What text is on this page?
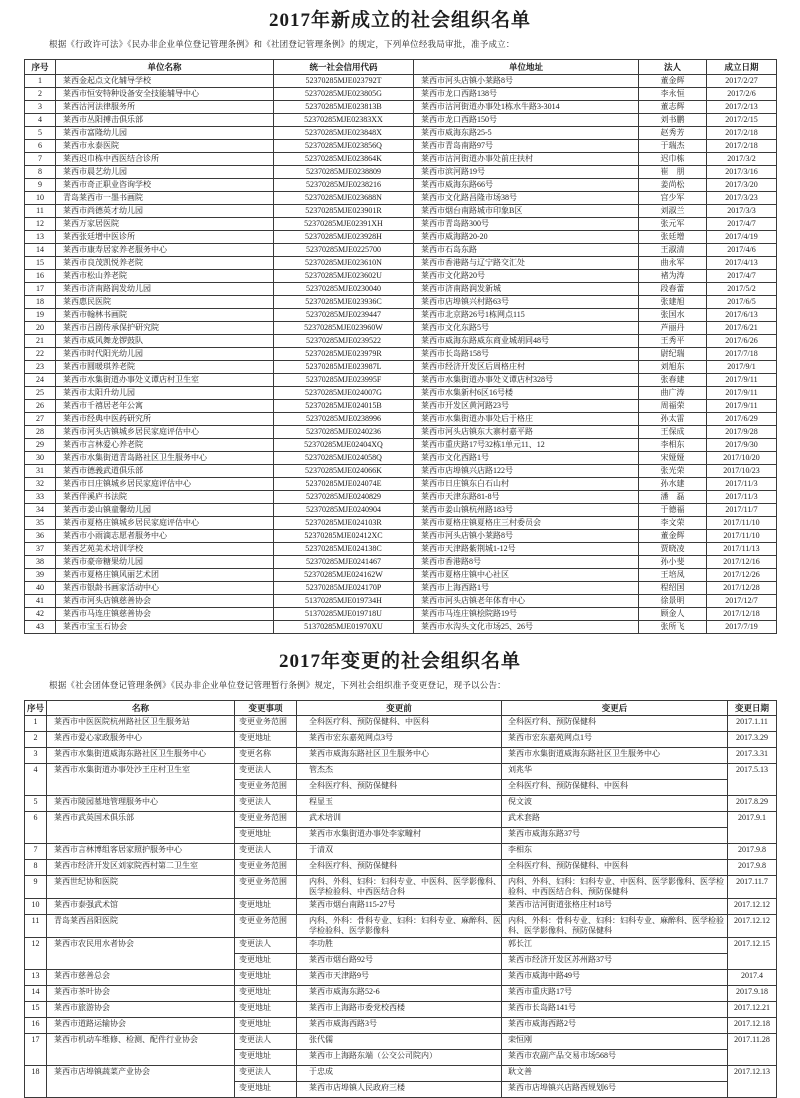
2017年新成立的社会组织名单

根据《行政许可法》《民办非企业单位登记管理条例》和《社团登记管理条例》的规定，下列单位经我局审批，准予成立：

序号	单位名称	统一社会信用代码	单位地址	法人	成立日期
1	莱西金起点文化辅导学校	52370285MJE023792T	莱西市河头店镇小莱路8号	董金辉	2017/2/27
2	莱西市恒安特种设备安全技能辅导中心	52370285MJE023805G	莱西市龙口西路138号	李永恒	2017/2/6
3	莱西沽河法律服务所	52370285MJE023813B	莱西市沽河街道办事处1栋水牛路3-3014	董志辉	2017/2/13
4	莱西市丛阳搏击俱乐部	52370285MJE02383XX	莱西市龙口西路150号	刘书鹏	2017/2/15
5	莱西市富隆幼儿园	52370285MJE023848X	莱西市威海东路25-5	赵秀芳	2017/2/18
6	莱西市永泰医院	52370285MJE023856Q	莱西市青岛南路97号	于瑞杰	2017/2/18
7	莱西迟巾栋中西医结合诊所	52370285MJE023864K	莱西市沽河街道办事处前庄扶村	迟巾栋	2017/3/2
8	莱西市晨艺幼儿园	52370285MJE0238809	莱西市滨河路19号	崔　朋	2017/3/16
9	莱西市奇正职业咨询学校	52370285MJE0238216	莱西市威海东路66号	姜尚松	2017/3/20
10	青岛莱西市一墨书画院	52370285MJE023688N	莱西市文化路昌隆市场38号	宫少军	2017/3/23
11	莱西市尚德英才幼儿园	52370285MJE023901R	莱西市烟台南路城市印象B区	刘淑兰	2017/3/3
12	莱西万家居医院	52370285MJE02391XH	莱西市青岛路300号	张元军	2017/4/7
13	莱西张廷增中医诊所	52370285MJE023928H	莱西市威海路20-20	张廷增	2017/4/19
14	莱西市康寿居家养老服务中心	52370285MJE0225700	莱西市石岛东路	王淑清	2017/4/6
15	莱西市良茂凯悦养老院	52370285MJE023610N	莱西市香港路与辽宁路交汇处	曲永军	2017/4/13
16	莱西市松山养老院	52370285MJE023602U	莱西市文化路20号	褚为涛	2017/4/7
17	莱西市济南路润发幼儿园	52370285MJE0230040	莱西市济南路润发新城	段春蕾	2017/5/2
18	莱西惠民医院	52370285MJE023936C	莱西市店埠镇兴村路63号	张建旭	2017/6/5
19	莱西市翰林书画院	52370285MJE0239447	莱西市北京路26号1栋网点115	张国水	2017/6/13
20	莱西市吕剧传承保护研究院	52370285MJE023960W	莱西市文化东路5号	芦丽丹	2017/6/21
21	莱西市威风舞龙锣鼓队	52370285MJE0239522	莱西市威海东路威东商业城胡同48号	王秀平	2017/6/26
22	莱西市时代阳光幼儿园	52370285MJE023979R	莱西市长岛路158号	尉纪瑞	2017/7/18
23	莱西市圆暖琪养老院	52370285MJE023987L	莱西市经济开发区后周格庄村	刘旭东	2017/9/1
24	莱西市水集街道办事处义谭店村卫生室	52370285MJE023995F	莱西市水集街道办事处义谭店村328号	张春建	2017/9/11
25	莱西市太阳升幼儿园	52370285MJE024007G	莱西市水集新村6区16号楼	曲广涛	2017/9/11
26	莱西市千禧居老年公寓	52370285MJE024015B	莱西市开发区黄河路23号	周福荣	2017/9/11
27	莱西市经典中医药研究所	52370285MJE0238996	莱西市水集街道办事处后于格庄	孙太雷	2017/6/29
28	莱西市河头店镇城乡居民家庭评估中心	52370285MJE0240236	莱西市河头店镇东大寨村嘉平路	王保成	2017/9/28
29	莱西市言林爱心养老院	52370285MJE02404XQ	莱西市重庆路17号32栋1单元11、12	李相东	2017/9/30
30	莱西市水集街道青岛路社区卫生服务中心	52370285MJE024058Q	莱西市文化西路1号	宋娅娅	2017/10/20
31	莱西市德義武道俱乐部	52370285MJE024066K	莱西市店埠镇兴店路122号	张光荣	2017/10/23
32	莱西市日庄镇城乡居民家庭评估中心	52370285MJE024074E	莱西市日庄镇东白石山村	孙水建	2017/11/3
33	莱西伴溪庐书法院	52370285MJE0240829	莱西市天津东路81-8号	潘　磊	2017/11/3
34	莱西市姜山镇童馨幼儿园	52370285MJE0240904	莱西市姜山镇杭州路183号	于德福	2017/11/7
35	莱西市夏格庄镇城乡居民家庭评估中心	52370285MJE024103R	莱西市夏格庄镇夏格庄三村委员会	李文荣	2017/11/10
36	莱西市小雨滴志愿者服务中心	52370285MJE02412XC	莱西市河头店镇小莱路8号	董金辉	2017/11/10
37	莱西艺苑美术培训学校	52370285MJE024138C	莱西市天津路紫荆城1-12号	贾晓凌	2017/11/13
38	莱西市豪帝糖果幼儿园	52370285MJE0241467	莱西市香港路8号	孙小斐	2017/12/16
39	莱西市夏格庄镇风丽艺术团	52370285MJE024162W	莱西市夏格庄镇中心社区	王培凤	2017/12/26
40	莱西市银龄书画家活动中心	52370285MJE024170P	莱西市上海西路1号	程绍国	2017/12/28
41	莱西市河头店镇慈善协会	51370285MJE019734H	莱西市河头店镇老年体育中心	徐景明	2017/12/7
42	莱西市马连庄镇慈善协会	51370285MJE019718U	莱西市马连庄镇桧院路19号	顾金人	2017/12/18
43	莱西市宝玉石协会	51370285MJE01970XU	莱西市水沟头文化市场25、26号	张所飞	2017/7/19
2017年变更的社会组织名单

根据《社会团体登记管理条例》《民办非企业单位登记管理暂行条例》规定，下列社会组织准予变更登记，现予以公告：

序号	名称	变更事项	变更前	变更后	变更日期
1	莱西市中医医院杭州路社区卫生服务站	变更业务范围	全科医疗科、预防保健科、中医科	全科医疗科、预防保健科	2017.1.11
2	莱西市爱心家政服务中心	变更地址	莱西市宏东嘉苑网点3号	莱西市宏东嘉苑网点1号	2017.3.29
3	莱西市水集街道威海东路社区卫生服务中心	变更名称	莱西市威海东路社区卫生服务中心	莱西市水集街道威海东路社区卫生服务中心	2017.3.31
4	莱西市水集街道办事处沙王庄村卫生室	变更法人	管杰杰	刘兆华	2017.5.13
		变更业务范围	全科医疗科、预防保健科	全科医疗科、预防保健科、中医科	
5	莱西市陵园墓地管理服务中心	变更法人	程显玉	倪文波	2017.8.29
6	莱西市武英国术俱乐部	变更业务范围	武术培训	武术套路	2017.9.1
		变更地址	莱西市水集街道办事处李家疃村	莱西市威海东路37号	
7	莱西市言林博组客居家照护服务中心	变更法人	于清双	李相东	2017.9.8
8	莱西市经济开发区刘家院西村第二卫生室	变更业务范围	全科医疗科、预防保健科	全科医疗科、预防保健科、中医科	2017.9.8
9	莱西世纪协和医院	变更业务范围	内科、外科、妇科：妇科专业、中医科、医学影像科、医学检验科、中西医结合科	内科、外科、妇科：妇科专业、中医科、医学影像科、医学检验科、中西医结合科、预防保健科	2017.11.7
10	莱西市泰强武术馆	变更地址	莱西市烟台南路115-27号	莱西市沽河街道张格庄村18号	2017.12.12
11	青岛莱西昌阳医院	变更业务范围	内科、外科：骨科专业、妇科：妇科专业、麻醉科、医学检验科、医学影像科	内科、外科：骨科专业、妇科：妇科专业、麻醉科、医学检验科、医学影像科、预防保健科	2017.12.12
12	莱西市农民用水者协会	变更法人	李功胜	郭长江	2017.12.15
		变更地址	莱西市烟台路92号	莱西市经济开发区苏州路37号	
13	莱西市慈善总会	变更地址	莱西市天津路9号	莱西市威海中路49号	2017.4
14	莱西市茶叶协会	变更地址	莱西市威海东路52-6	莱西市重庆路17号	2017.9.18
15	莱西市旅游协会	变更地址	莱西市上海路市委党校西楼	莱西市长岛路141号	2017.12.21
16	莱西市道路运输协会	变更地址	莱西市威海西路3号	莱西市威海西路2号	2017.12.18
17	莱西市机动车维修、检测、配件行业协会	变更法人	张代儒	栾恒刚	2017.11.28
		变更地址	莱西市上海路东端（公交公司院内）	莱西市农副产品交易市场568号	
18	莱西市店埠镇蔬菜产业协会	变更法人	于忠成	耿文善	2017.12.13
		变更地址	莱西市店埠镇人民政府三楼	莱西市店埠镇兴店路西规划6号	
